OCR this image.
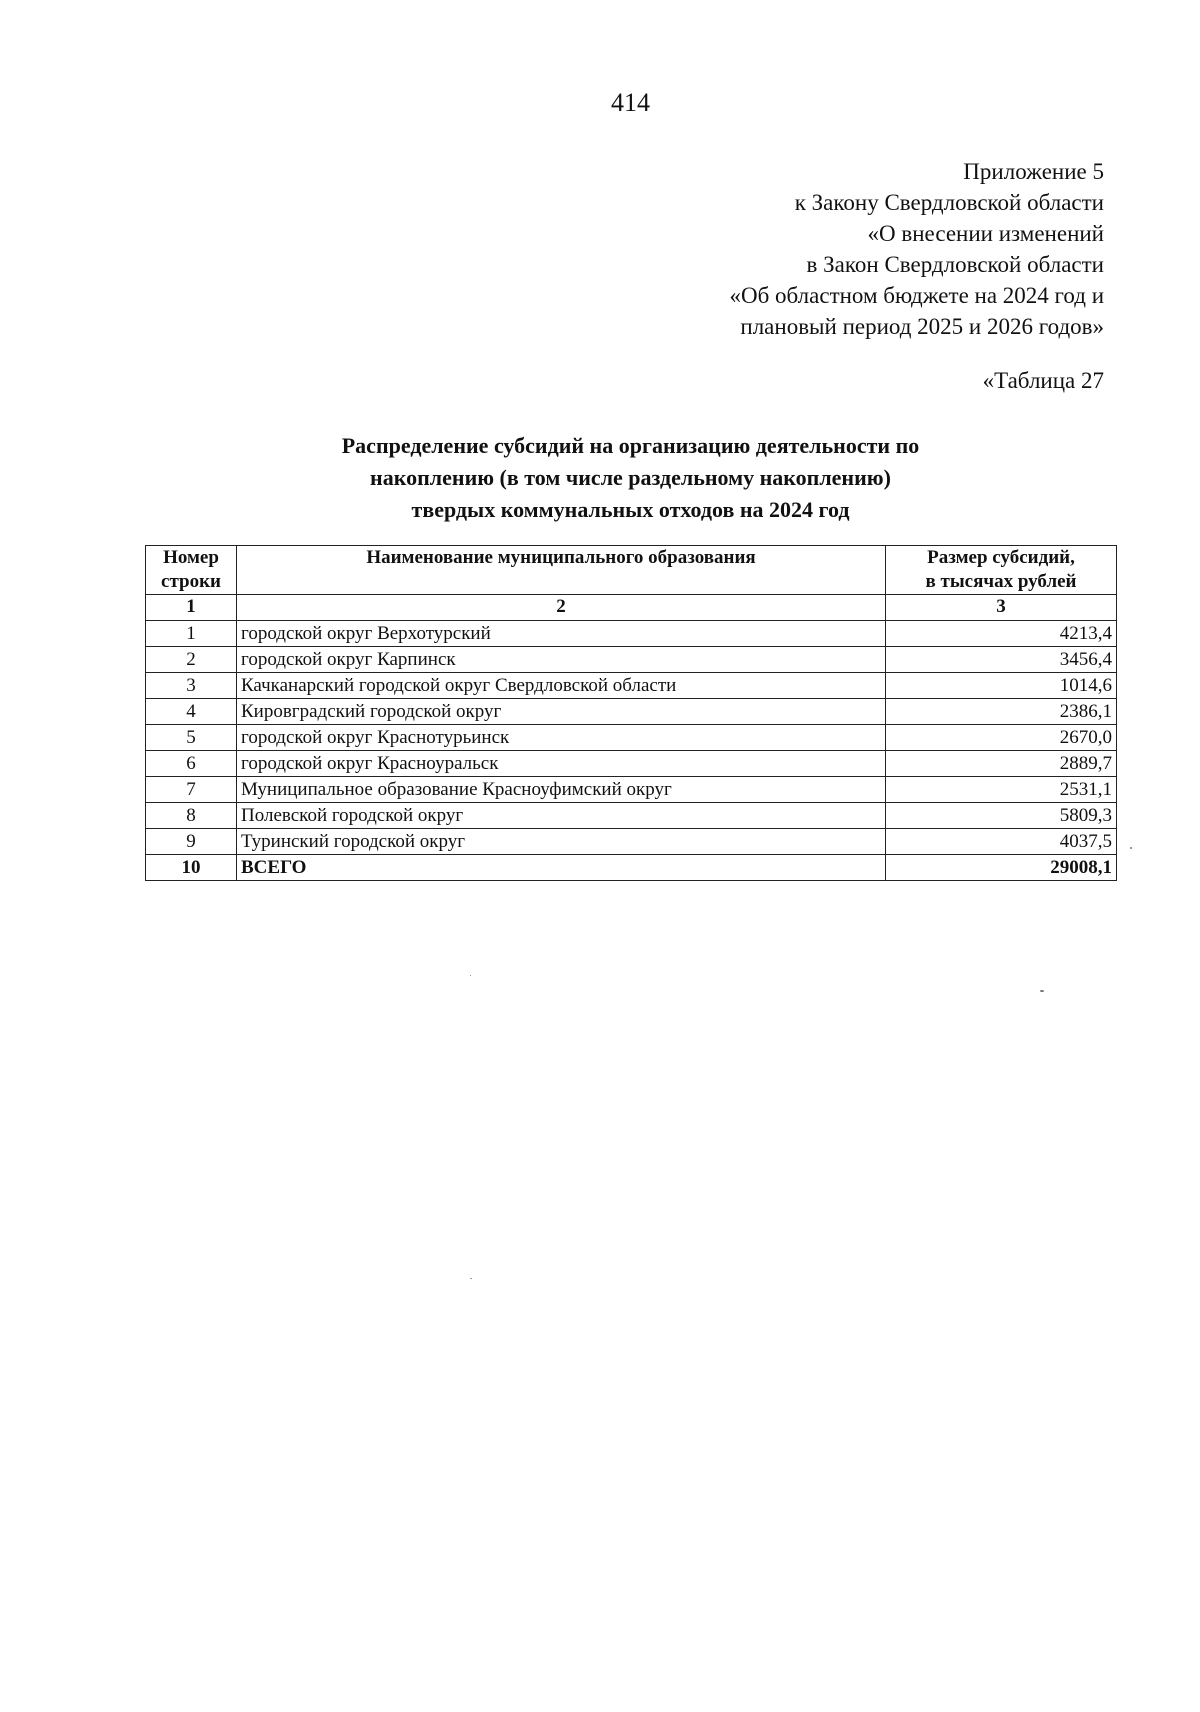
414
Приложение 5
к Закону Свердловской области
«О внесении изменений
в Закон Свердловской области
«Об областном бюджете на 2024 год и
плановый период 2025 и 2026 годов»
«Таблица 27
Распределение субсидий на организацию деятельности по
накоплению (в том числе раздельному накоплению)
твердых коммунальных отходов на 2024 год
Номер строки	Наименование муниципального образования	Размер субсидий,
в тысячах рублей

1	2	3
1	городской округ Верхотурский	4213,4
2	городской округ Карпинск	3456,4
3	Качканарский городской округ Свердловской области	1014,6
4	Кировградский городской округ	2386,1
5	городской округ Краснотурьинск	2670,0
6	городской округ Красноуральск	2889,7
7	Муниципальное образование Красноуфимский округ	2531,1
8	Полевской городской округ	5809,3
9	Туринский городской округ	4037,5
10	ВСЕГО	29008,1
